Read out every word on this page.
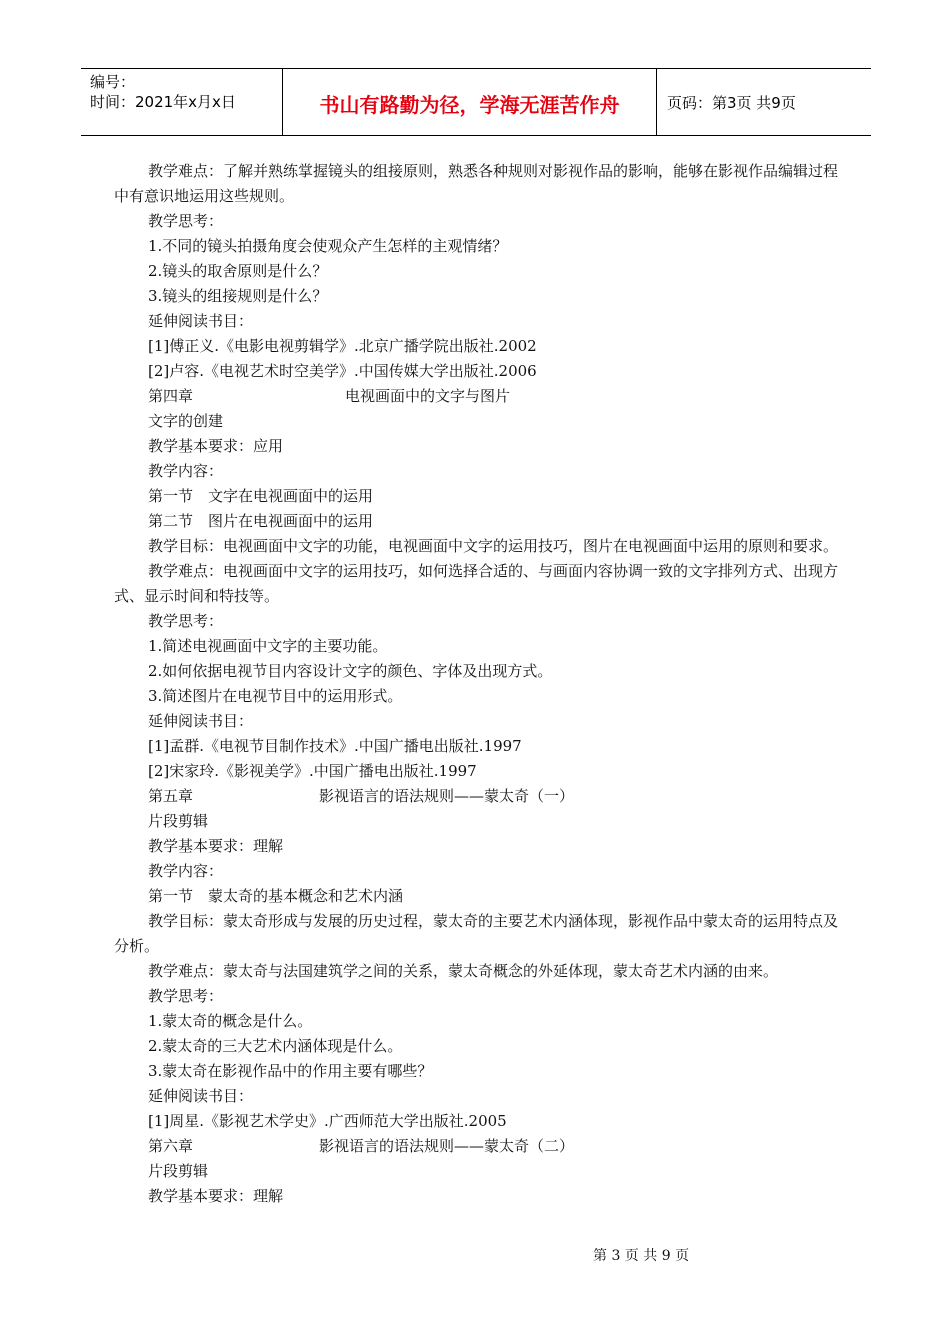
编号：
时间：2021年x月x日	书山有路勤为径，学海无涯苦作舟	页码：第3页 共9页
教学难点：了解并熟练掌握镜头的组接原则，熟悉各种规则对影视作品的影响，能够在影视作品编辑过程中有意识地运用这些规则。
教学思考：
1.不同的镜头拍摄角度会使观众产生怎样的主观情绪？
2.镜头的取舍原则是什么？
3.镜头的组接规则是什么？
延伸阅读书目：
[1]傅正义.《电影电视剪辑学》.北京广播学院出版社.2002
[2]卢容.《电视艺术时空美学》.中国传媒大学出版社.2006
第四章	电视画面中的文字与图片
文字的创建
教学基本要求：应用
教学内容：
第一节　文字在电视画面中的运用
第二节　图片在电视画面中的运用
教学目标：电视画面中文字的功能，电视画面中文字的运用技巧，图片在电视画面中运用的原则和要求。
教学难点：电视画面中文字的运用技巧，如何选择合适的、与画面内容协调一致的文字排列方式、出现方式、显示时间和特技等。
教学思考：
1.简述电视画面中文字的主要功能。
2.如何依据电视节目内容设计文字的颜色、字体及出现方式。
3.简述图片在电视节目中的运用形式。
延伸阅读书目：
[1]孟群.《电视节目制作技术》.中国广播电出版社.1997
[2]宋家玲.《影视美学》.中国广播电出版社.1997
第五章	影视语言的语法规则——蒙太奇（一）
片段剪辑
教学基本要求：理解
教学内容：
第一节　蒙太奇的基本概念和艺术内涵
教学目标：蒙太奇形成与发展的历史过程，蒙太奇的主要艺术内涵体现，影视作品中蒙太奇的运用特点及分析。
教学难点：蒙太奇与法国建筑学之间的关系，蒙太奇概念的外延体现，蒙太奇艺术内涵的由来。
教学思考：
1.蒙太奇的概念是什么。
2.蒙太奇的三大艺术内涵体现是什么。
3.蒙太奇在影视作品中的作用主要有哪些？
延伸阅读书目：
[1]周星.《影视艺术学史》.广西师范大学出版社.2005
第六章	影视语言的语法规则——蒙太奇（二）
片段剪辑
教学基本要求：理解
第 3 页 共 9 页
